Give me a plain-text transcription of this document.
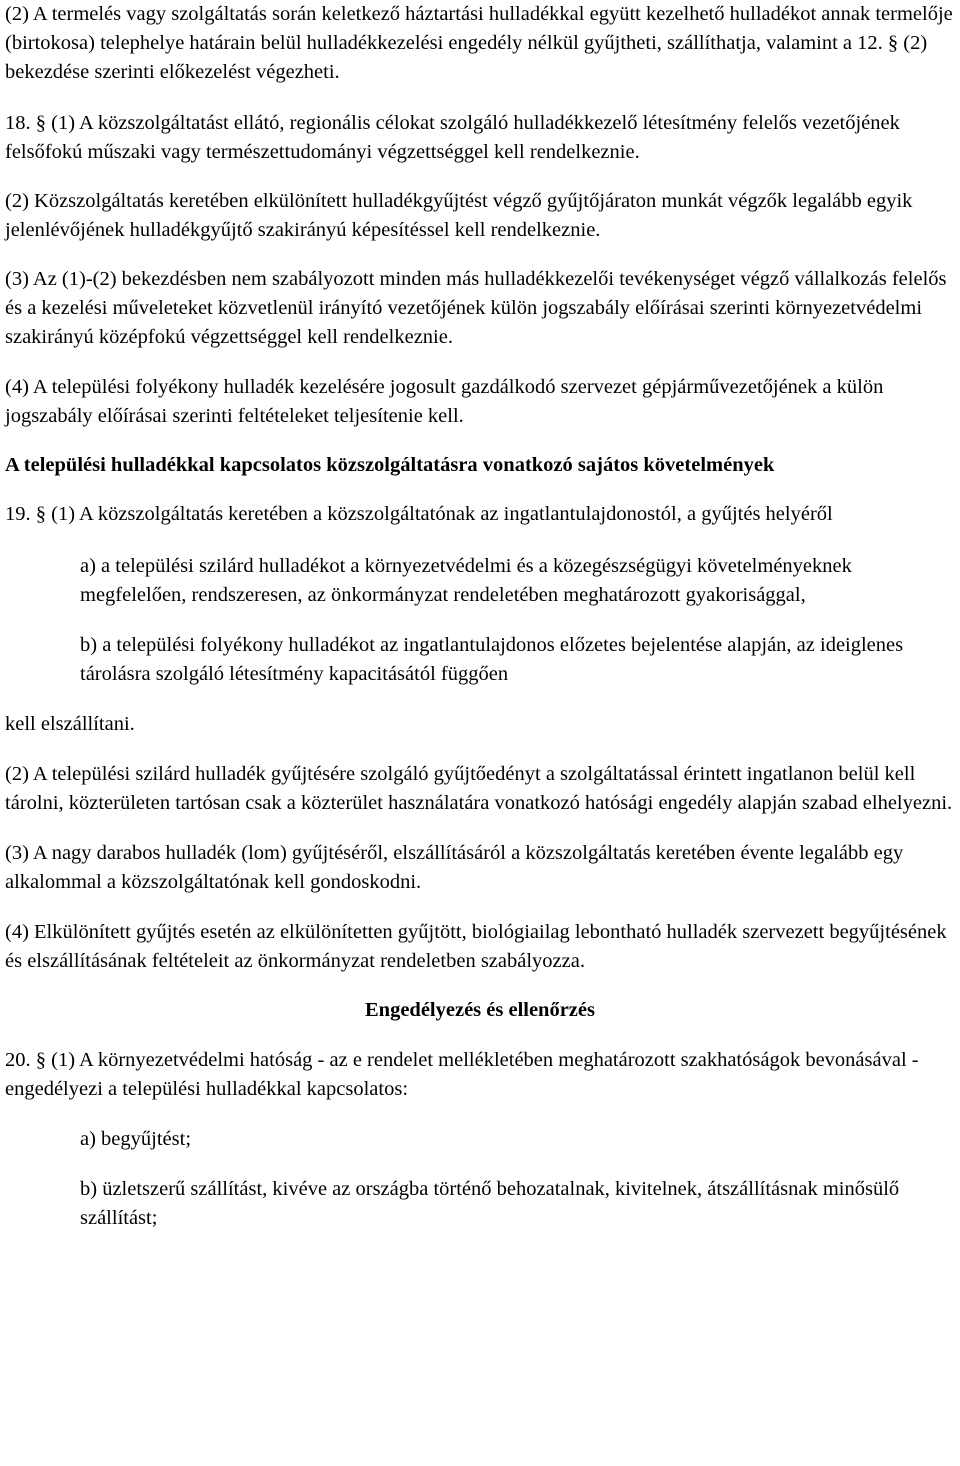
(2) A termelés vagy szolgáltatás során keletkező háztartási hulladékkal együtt kezelhető hulladékot annak termelője (birtokosa) telephelye határain belül hulladékkezelési engedély nélkül gyűjtheti, szállíthatja, valamint a 12. § (2) bekezdése szerinti előkezelést végezheti.

18. § (1) A közszolgáltatást ellátó, regionális célokat szolgáló hulladékkezelő létesítmény felelős vezetőjének felsőfokú műszaki vagy természettudományi végzettséggel kell rendelkeznie.

(2) Közszolgáltatás keretében elkülönített hulladékgyűjtést végző gyűjtőjáraton munkát végzők legalább egyik jelenlévőjének hulladékgyűjtő szakirányú képesítéssel kell rendelkeznie.

(3) Az (1)-(2) bekezdésben nem szabályozott minden más hulladékkezelői tevékenységet végző vállalkozás felelős és a kezelési műveleteket közvetlenül irányító vezetőjének külön jogszabály előírásai szerinti környezetvédelmi szakirányú középfokú végzettséggel kell rendelkeznie.

(4) A települési folyékony hulladék kezelésére jogosult gazdálkodó szervezet gépjárművezetőjének a külön jogszabály előírásai szerinti feltételeket teljesítenie kell.

A települési hulladékkal kapcsolatos közszolgáltatásra vonatkozó sajátos követelmények

19. § (1) A közszolgáltatás keretében a közszolgáltatónak az ingatlantulajdonostól, a gyűjtés helyéről

a) a települési szilárd hulladékot a környezetvédelmi és a közegészségügyi követelményeknek megfelelően, rendszeresen, az önkormányzat rendeletében meghatározott gyakorisággal,

b) a települési folyékony hulladékot az ingatlantulajdonos előzetes bejelentése alapján, az ideiglenes tárolásra szolgáló létesítmény kapacitásától függően

kell elszállítani.

(2) A települési szilárd hulladék gyűjtésére szolgáló gyűjtőedényt a szolgáltatással érintett ingatlanon belül kell tárolni, közterületen tartósan csak a közterület használatára vonatkozó hatósági engedély alapján szabad elhelyezni.

(3) A nagy darabos hulladék (lom) gyűjtéséről, elszállításáról a közszolgáltatás keretében évente legalább egy alkalommal a közszolgáltatónak kell gondoskodni.

(4) Elkülönített gyűjtés esetén az elkülönítetten gyűjtött, biológiailag lebontható hulladék szervezett begyűjtésének és elszállításának feltételeit az önkormányzat rendeletben szabályozza.

Engedélyezés és ellenőrzés

20. § (1) A környezetvédelmi hatóság - az e rendelet mellékletében meghatározott szakhatóságok bevonásával - engedélyezi a települési hulladékkal kapcsolatos:

a) begyűjtést;

b) üzletszerű szállítást, kivéve az országba történő behozatalnak, kivitelnek, átszállításnak minősülő szállítást;
